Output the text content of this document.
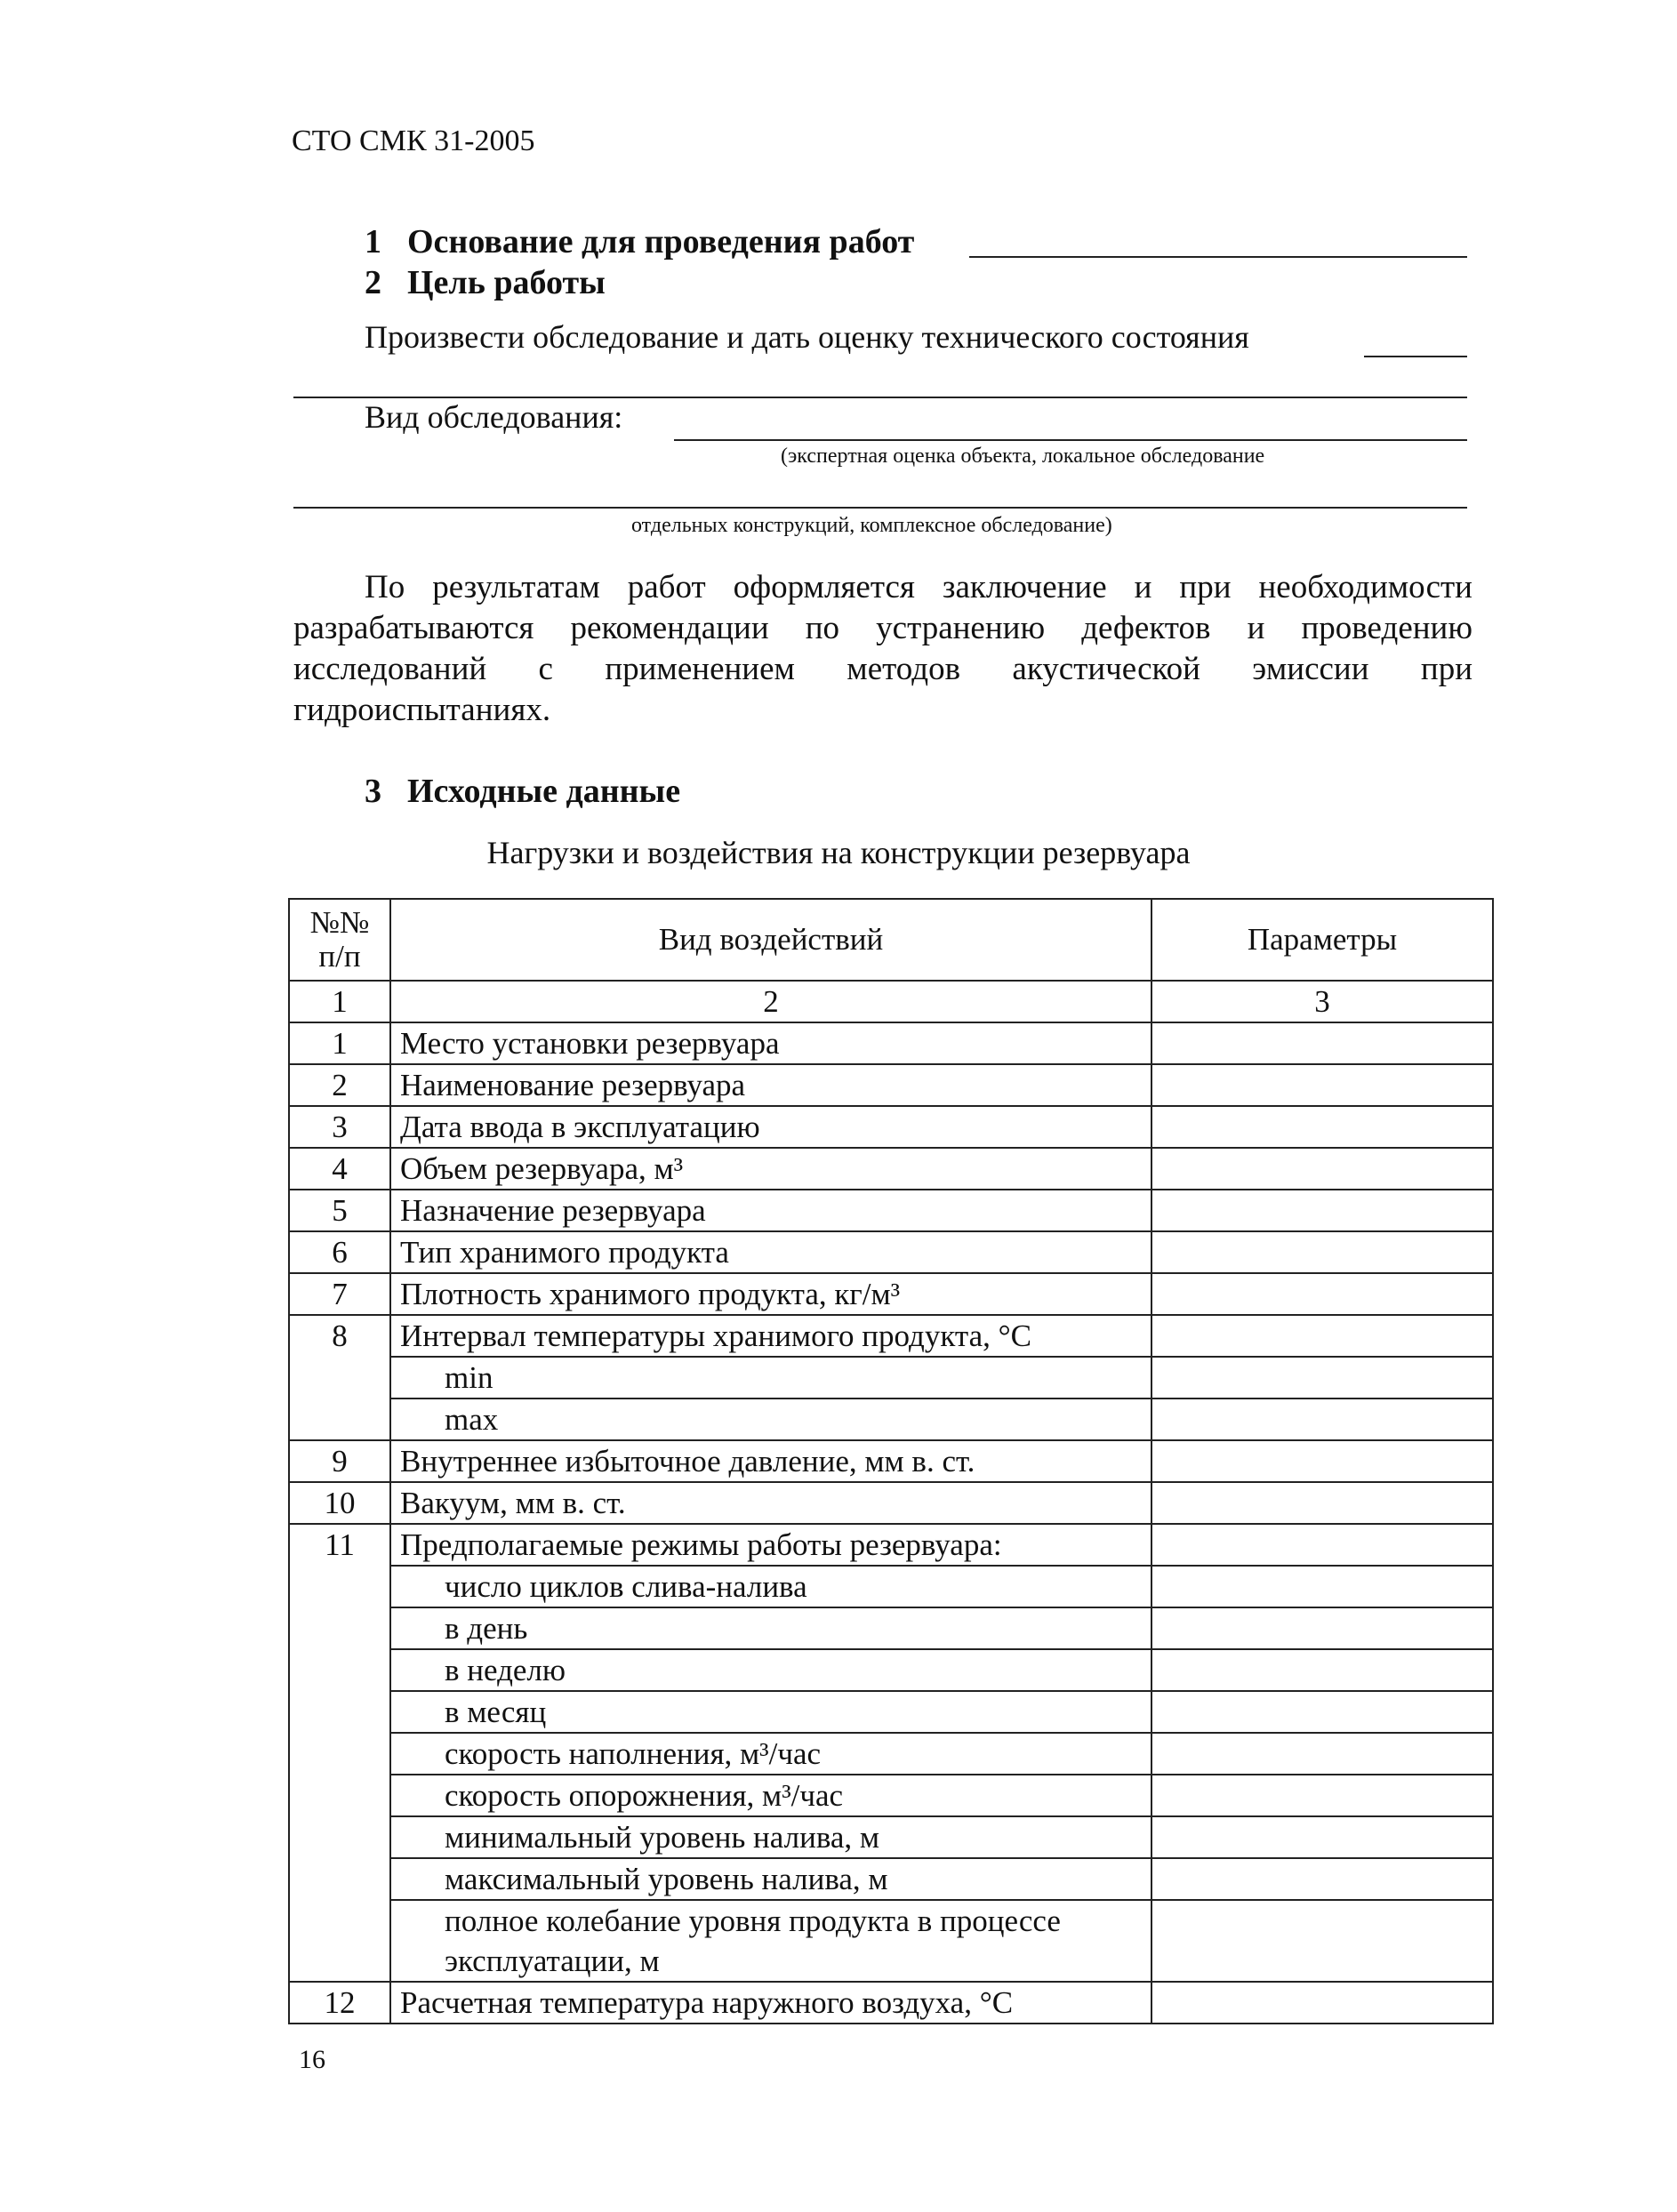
СТО СМК 31-2005
1 Основание для проведения работ
2 Цель работы
Произвести обследование и дать оценку технического состояния
Вид обследования:
(экспертная оценка объекта, локальное обследование
отдельных конструкций, комплексное обследование)

По результатам работ оформляется заключение и при необходимости разрабатываются рекомендации по устранению дефектов и проведению исследований с применением методов акустической эмиссии при гидроиспытаниях.

3 Исходные данные
Нагрузки и воздействия на конструкции резервуара
№№ п/п	Вид воздействий	Параметры
1	2	3
1	Место установки резервуара	
2	Наименование резервуара	
3	Дата ввода в эксплуатацию	
4	Объем резервуара, м³	
5	Назначение резервуара	
6	Тип хранимого продукта	
7	Плотность хранимого продукта, кг/м³	
8	Интервал температуры хранимого продукта, °С	
	min	
	max	
9	Внутреннее избыточное давление, мм в. ст.	
10	Вакуум, мм в. ст.	
11	Предполагаемые режимы работы резервуара:	
	число циклов слива-налива	
	в день	
	в неделю	
	в месяц	
	скорость наполнения, м³/час	
	скорость опорожнения, м³/час	
	минимальный уровень налива, м	
	максимальный уровень налива, м	
	полное колебание уровня продукта в процессе эксплуатации, м	
12	Расчетная температура наружного воздуха, °С	
16
